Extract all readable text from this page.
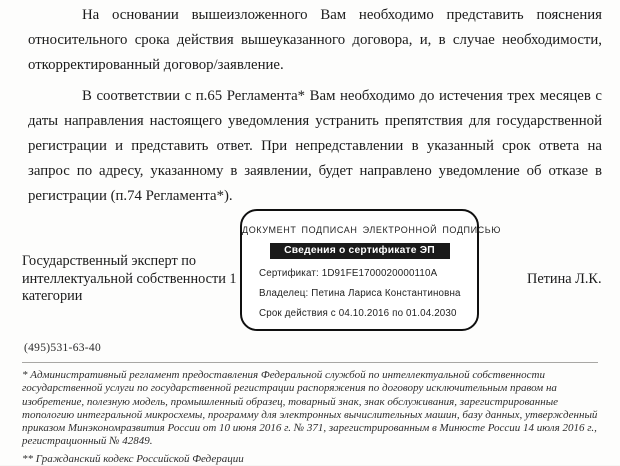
На основании вышеизложенного Вам необходимо представить пояснения относительного срока действия вышеуказанного договора, и, в случае необходимости, откорректированный договор/заявление.

В соответствии с п.65 Регламента* Вам необходимо до истечения трех месяцев с даты направления настоящего уведомления устранить препятствия для государственной регистрации и представить ответ. При непредставлении в указанный срок ответа на запрос по адресу, указанному в заявлении, будет направлено уведомление об отказе в регистрации (п.74 Регламента*).

ДОКУМЕНТ ПОДПИСАН ЭЛЕКТРОННОЙ ПОДПИСЬЮ
Сведения о сертификате ЭП
Сертификат: 1D91FE1700020000110A
Владелец: Петина Лариса Константиновна
Срок действия с 04.10.2016 по 01.04.2030
Государственный эксперт по интеллектуальной собственности 1 категории
Петина Л.К.
(495)531-63-40

* Административный регламент предоставления Федеральной службой по интеллектуальной собственности государственной услуги по государственной регистрации распоряжения по договору исключительным правом на изобретение, полезную модель, промышленный образец, товарный знак, знак обслуживания, зарегистрированные топологию интегральной микросхемы, программу для электронных вычислительных машин, базу данных, утвержденный приказом Минэкономразвития России от 10 июня 2016 г. № 371, зарегистрированным в Минюсте России 14 июля 2016 г., регистрационный № 42849.

** Гражданский кодекс Российской Федерации
